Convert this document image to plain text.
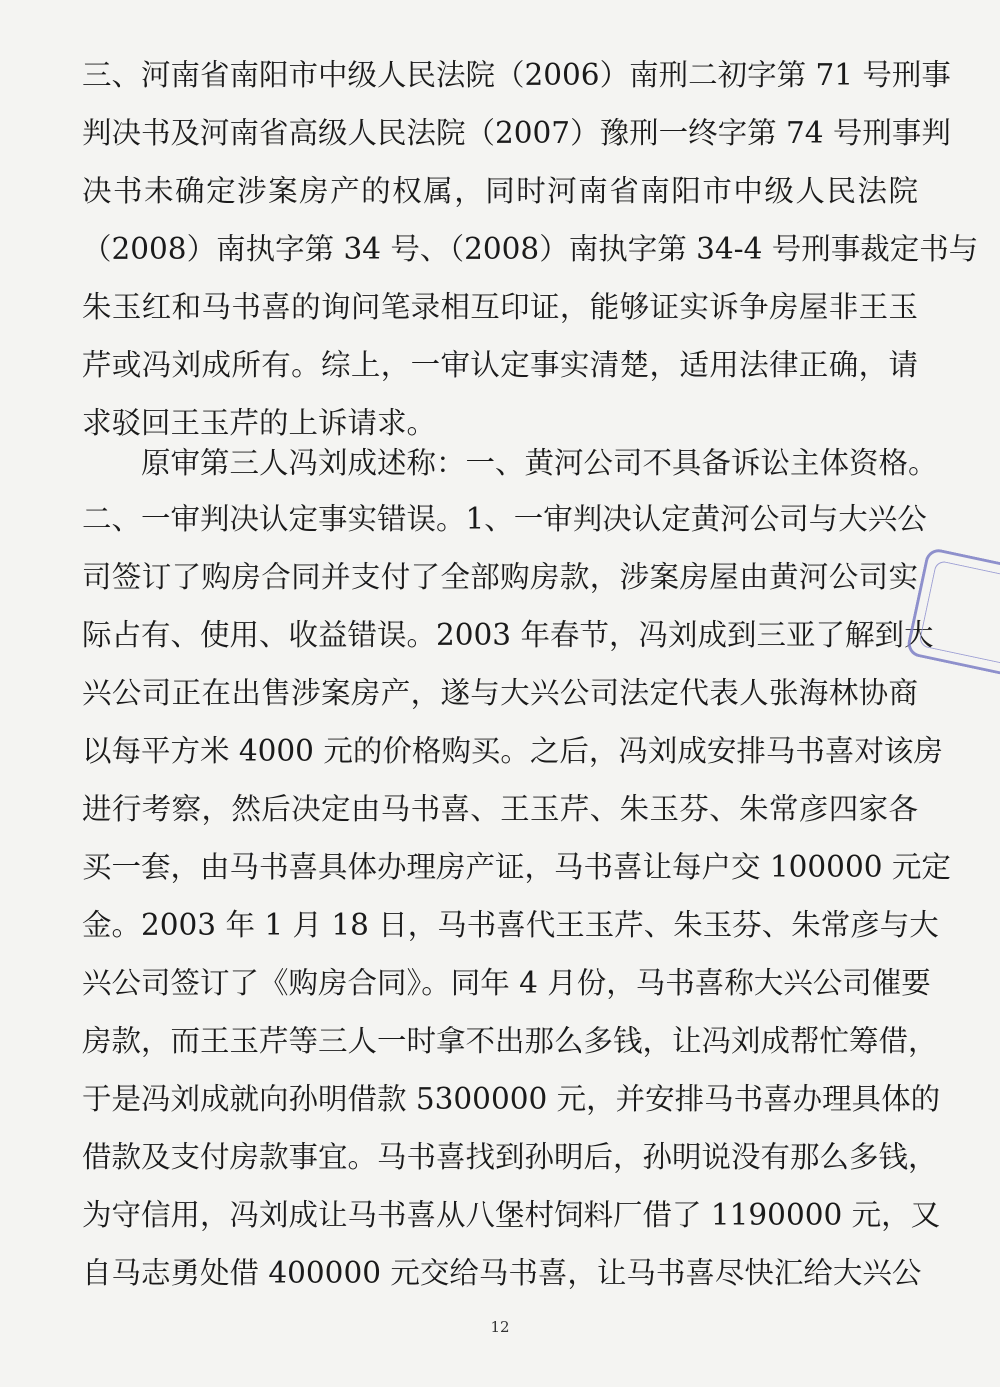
三、河南省南阳市中级人民法院（2006）南刑二初字第 71 号刑事
判决书及河南省高级人民法院（2007）豫刑一终字第 74 号刑事判
决书未确定涉案房产的权属，同时河南省南阳市中级人民法院
（2008）南执字第 34 号、（2008）南执字第 34-4 号刑事裁定书与
朱玉红和马书喜的询问笔录相互印证，能够证实诉争房屋非王玉
芹或冯刘成所有。综上，一审认定事实清楚，适用法律正确，请
求驳回王玉芹的上诉请求。
原审第三人冯刘成述称：一、黄河公司不具备诉讼主体资格。
二、一审判决认定事实错误。1、一审判决认定黄河公司与大兴公
司签订了购房合同并支付了全部购房款，涉案房屋由黄河公司实
际占有、使用、收益错误。2003 年春节，冯刘成到三亚了解到大
兴公司正在出售涉案房产，遂与大兴公司法定代表人张海林协商
以每平方米 4000 元的价格购买。之后，冯刘成安排马书喜对该房
进行考察，然后决定由马书喜、王玉芹、朱玉芬、朱常彦四家各
买一套，由马书喜具体办理房产证，马书喜让每户交 100000 元定
金。2003 年 1 月 18 日，马书喜代王玉芹、朱玉芬、朱常彦与大
兴公司签订了《购房合同》。同年 4 月份，马书喜称大兴公司催要
房款，而王玉芹等三人一时拿不出那么多钱，让冯刘成帮忙筹借，
于是冯刘成就向孙明借款 5300000 元，并安排马书喜办理具体的
借款及支付房款事宜。马书喜找到孙明后，孙明说没有那么多钱，
为守信用，冯刘成让马书喜从八堡村饲料厂借了 1190000 元，又
自马志勇处借 400000 元交给马书喜，让马书喜尽快汇给大兴公
12
